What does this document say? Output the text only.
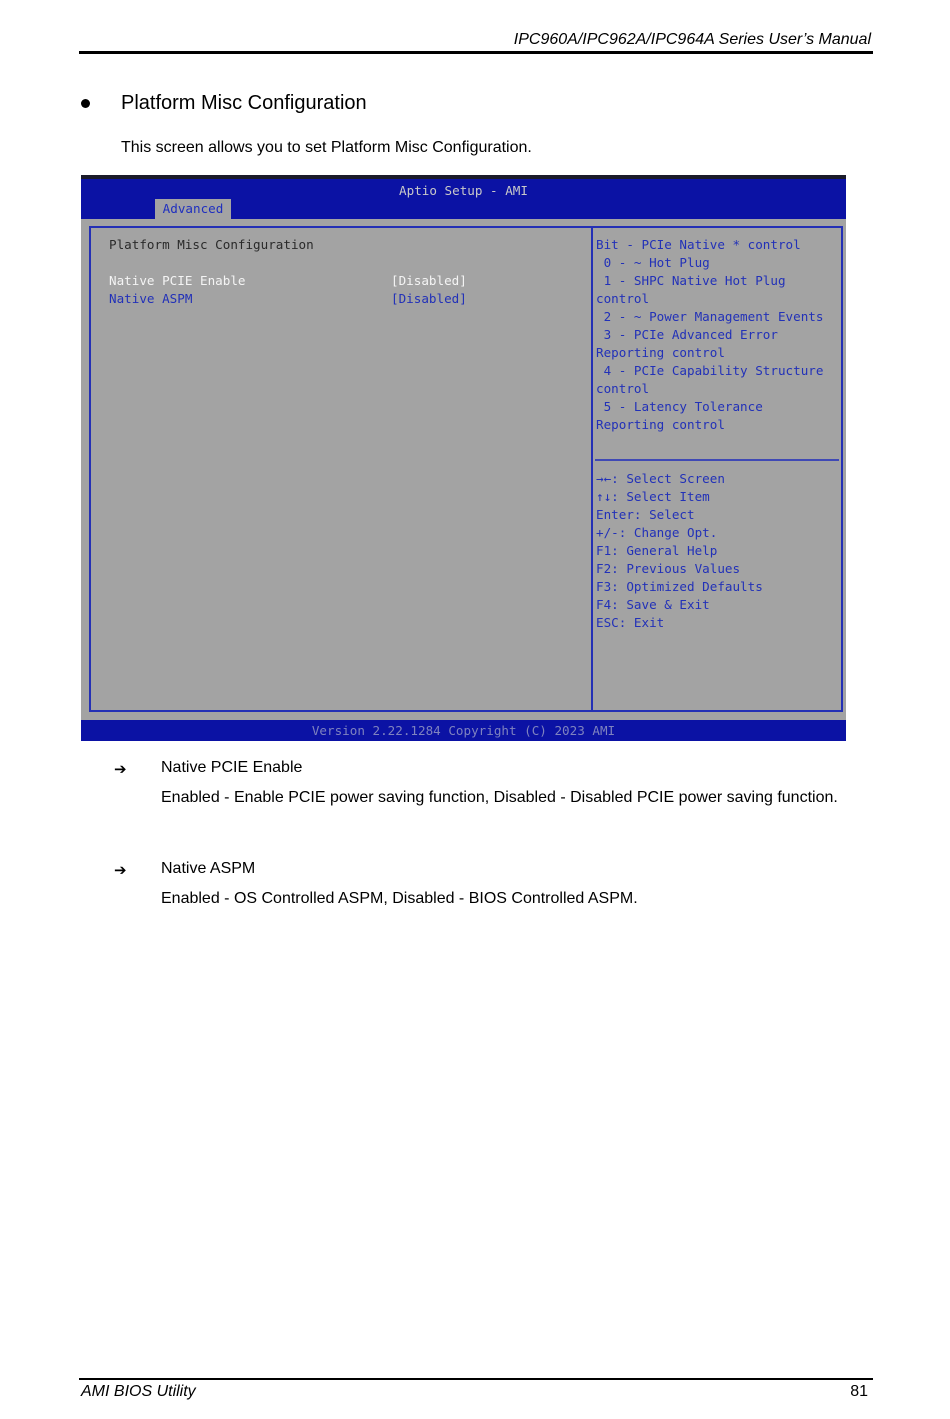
IPC960A/IPC962A/IPC964A Series User’s Manual
Platform Misc Configuration
This screen allows you to set Platform Misc Configuration.
Aptio Setup - AMI
Advanced
Platform Misc Configuration
Native PCIE Enable	[Disabled]
Native ASPM	[Disabled]
Bit - PCIe Native * control
0 - ~ Hot Plug
1 - SHPC Native Hot Plug
control
2 - ~ Power Management Events
3 - PCIe Advanced Error
Reporting control
4 - PCIe Capability Structure
control
5 - Latency Tolerance
Reporting control
→←: Select Screen
↑↓: Select Item
Enter: Select
+/-: Change Opt.
F1: General Help
F2: Previous Values
F3: Optimized Defaults
F4: Save & Exit
ESC: Exit
Version 2.22.1284 Copyright (C) 2023 AMI
➔ Native PCIE Enable
Enabled - Enable PCIE power saving function, Disabled - Disabled PCIE power saving function.
➔ Native ASPM
Enabled - OS Controlled ASPM, Disabled - BIOS Controlled ASPM.
AMI BIOS Utility	81
